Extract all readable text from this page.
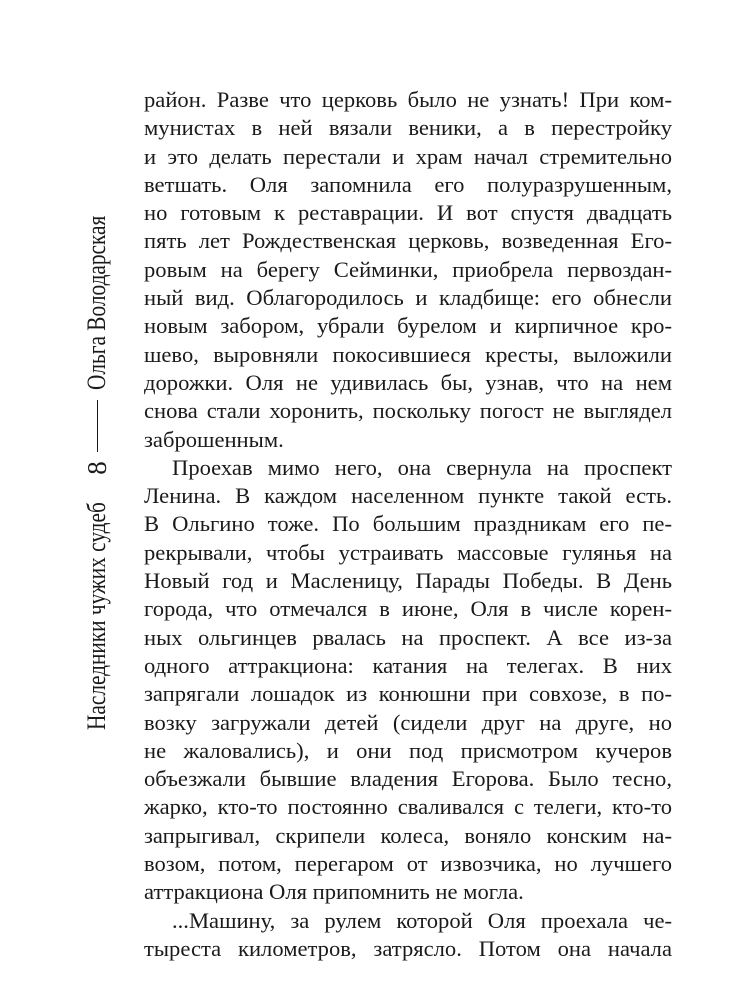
Наследники чужих судеб
8
Ольга Володарская
район. Разве что церковь было не узнать! При ком-
мунистах в ней вязали веники, а в перестройку
и это делать перестали и храм начал стремительно
ветшать. Оля запомнила его полуразрушенным,
но готовым к реставрации. И вот спустя двадцать
пять лет Рождественская церковь, возведенная Его-
ровым на берегу Сейминки, приобрела первоздан-
ный вид. Облагородилось и кладбище: его обнесли
новым забором, убрали бурелом и кирпичное кро-
шево, выровняли покосившиеся кресты, выложили
дорожки. Оля не удивилась бы, узнав, что на нем
снова стали хоронить, поскольку погост не выглядел
заброшенным.
Проехав мимо него, она свернула на проспект
Ленина. В каждом населенном пункте такой есть.
В Ольгино тоже. По большим праздникам его пе-
рекрывали, чтобы устраивать массовые гулянья на
Новый год и Масленицу, Парады Победы. В День
города, что отмечался в июне, Оля в числе корен-
ных ольгинцев рвалась на проспект. А все из-за
одного аттракциона: катания на телегах. В них
запрягали лошадок из конюшни при совхозе, в по-
возку загружали детей (сидели друг на друге, но
не жаловались), и они под присмотром кучеров
объезжали бывшие владения Егорова. Было тесно,
жарко, кто-то постоянно сваливался с телеги, кто-то
запрыгивал, скрипели колеса, воняло конским на-
возом, потом, перегаром от извозчика, но лучшего
аттракциона Оля припомнить не могла.
...Машину, за рулем которой Оля проехала че-
тыреста километров, затрясло. Потом она начала
